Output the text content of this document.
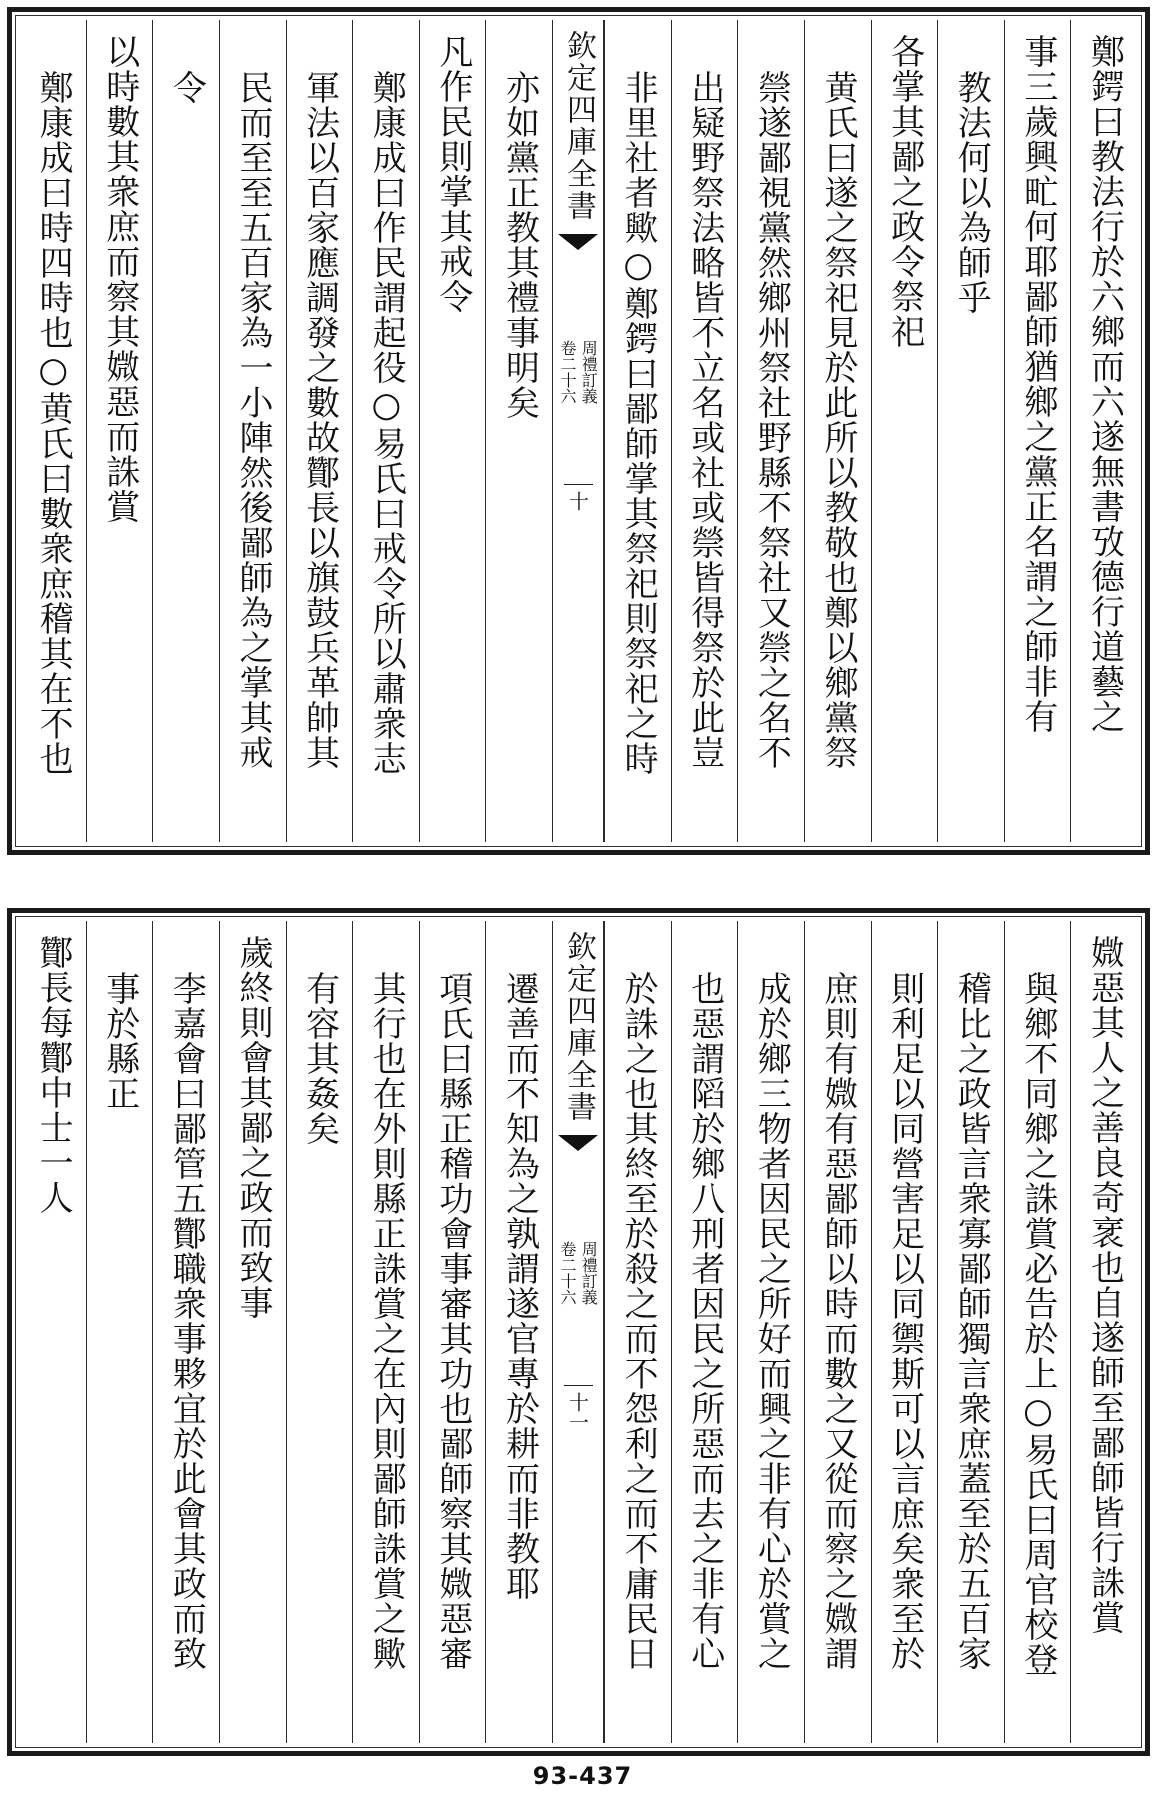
鄭鍔曰教法行於六鄉而六遂無書攷德行道藝之
事三歲興甿何耶鄙師猶鄉之黨正名謂之師非有
教法何以為師乎
各掌其鄙之政令祭祀
黄氏曰遂之祭祀見於此所以教敬也鄭以鄉黨祭
禜遂鄙視黨然鄉州祭社野縣不祭社又禜之名不
出疑野祭法略皆不立名或社或禜皆得祭於此豈
非里社者歟○鄭鍔曰鄙師掌其祭祀則祭祀之時
欽定四庫全書
周禮訂義
卷二十六
十
亦如黨正教其禮事明矣
凡作民則掌其戒令
鄭康成曰作民謂起役○易氏曰戒令所以肅衆志
軍法以百家應調發之數故酇長以旗鼓兵革帥其
民而至至五百家為一小陣然後鄙師為之掌其戒
令
以時數其衆庶而察其媺惡而誅賞
鄭康成曰時四時也○黄氏曰數衆庶稽其在不也
媺惡其人之善良奇衺也自遂師至鄙師皆行誅賞
與鄉不同鄉之誅賞必告於上○易氏曰周官校登
稽比之政皆言衆寡鄙師獨言衆庶蓋至於五百家
則利足以同營害足以同禦斯可以言庶矣衆至於
庶則有媺有惡鄙師以時而數之又從而察之媺謂
成於鄉三物者因民之所好而興之非有心於賞之
也惡謂䧟於鄉八刑者因民之所惡而去之非有心
於誅之也其終至於殺之而不怨利之而不庸民日
欽定四庫全書
周禮訂義
卷二十六
十一
遷善而不知為之孰謂遂官專於耕而非教耶
項氏曰縣正稽功會事審其功也鄙師察其媺惡審
其行也在外則縣正誅賞之在內則鄙師誅賞之歟
有容其姦矣
歲終則會其鄙之政而致事
李嘉會曰鄙管五酇職衆事夥宜於此會其政而致
事於縣正
酇長每酇中士一人
93-437
